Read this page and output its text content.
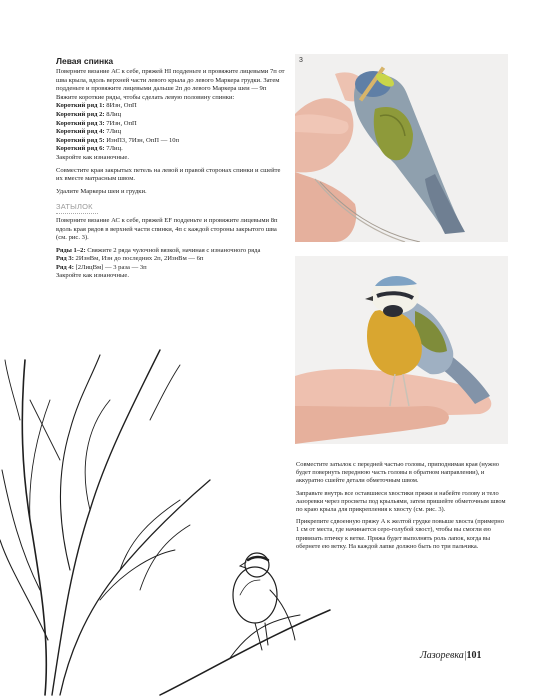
Левая спинка

Поверните вязание АС к себе, пряжей HI подденьте и провяжите лицевыми 7п от шва крыла, вдоль верхней части левого крыла до левого Маркера грудки. Затем подденьте и провяжите лицевыми дальше 2п до левого Маркера шеи — 9п

Вяжите короткие ряды, чтобы сделать левую половину спинки:

Короткий ряд 1: 8Изн, ОпП

Короткий ряд 2: 8Лиц

Короткий ряд 3: 7Изн, ОпП

Короткий ряд 4: 7Лиц

Короткий ряд 5: ИзнП3, 7Изн, ОпП — 10п

Короткий ряд 6: 7Лиц.

Закройте как изнаночные.

Совместите края закрытых петель на левой и правой сторонах спинки и сшейте их вместе матрасным швом.

Удалите Маркеры шеи и грудки.

ЗАТЫЛОК

Поверните вязание АС к себе, пряжей EF подденьте и провяжите лицевыми 8п вдоль края рядов в верхней части спинки, 4п с каждой стороны закрытого шва (см. рис. 3).

Ряды 1–2: Свяжите 2 ряда чулочной вязкой, начиная с изнаночного ряда

Ряд 3: 2ИзнВм, Изн до последних 2п, 2ИзнВм — 6п

Ряд 4: [2ЛицВм] — 3 раза — 3п

Закройте как изнаночные.

3

Совместите затылок с передней частью головы, приподнимая края (нужно будет повернуть переднюю часть головы в обратном направлении), и аккуратно сшейте детали обметочным швом.

Заправьте внутрь все оставшиеся хвостики пряжи и набейте голову и тело лазоревки через просветы под крыльями, затем пришейте обметочным швом по краю крыла для прикрепления к хвосту (см. рис. 3).

Прикрепите сдвоенную пряжу А к желтой грудке повыше хвоста (примерно 1 см от места, где начинается серо-голубой хвост), чтобы вы смогли ею привязать птичку к ветке. Пряжа будет выполнять роль лапок, когда вы обернете ею ветку. На каждой лапке должно быть по три пальчика.

Лазоревка|101
